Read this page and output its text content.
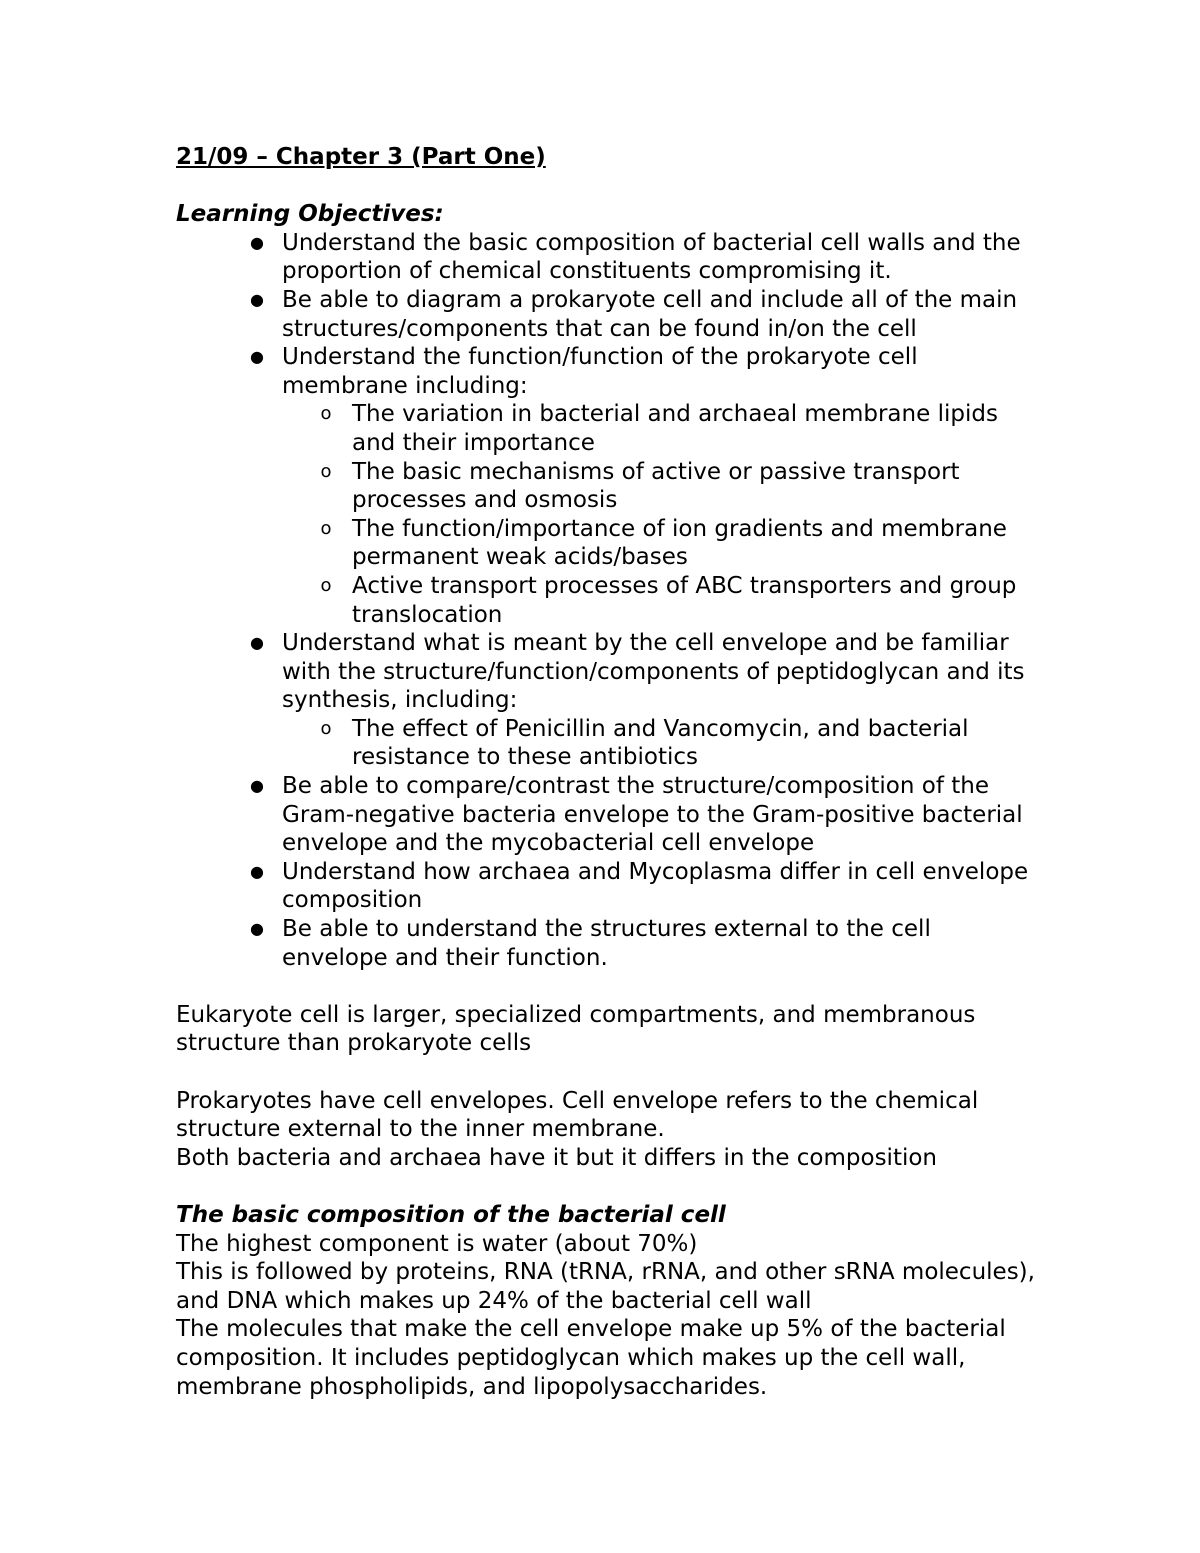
21/09 – Chapter 3 (Part One)

Learning Objectives:

● Understand the basic composition of bacterial cell walls and the proportion of chemical constituents compromising it.
● Be able to diagram a prokaryote cell and include all of the main structures/components that can be found in/on the cell
● Understand the function/function of the prokaryote cell membrane including:
o The variation in bacterial and archaeal membrane lipids and their importance
o The basic mechanisms of active or passive transport processes and osmosis
o The function/importance of ion gradients and membrane permanent weak acids/bases
o Active transport processes of ABC transporters and group translocation
● Understand what is meant by the cell envelope and be familiar with the structure/function/components of peptidoglycan and its synthesis, including:
o The effect of Penicillin and Vancomycin, and bacterial resistance to these antibiotics
● Be able to compare/contrast the structure/composition of the Gram-negative bacteria envelope to the Gram-positive bacterial envelope and the mycobacterial cell envelope
● Understand how archaea and Mycoplasma differ in cell envelope composition
● Be able to understand the structures external to the cell envelope and their function.

Eukaryote cell is larger, specialized compartments, and membranous structure than prokaryote cells

Prokaryotes have cell envelopes. Cell envelope refers to the chemical structure external to the inner membrane.

Both bacteria and archaea have it but it differs in the composition

The basic composition of the bacterial cell

The highest component is water (about 70%)

This is followed by proteins, RNA (tRNA, rRNA, and other sRNA molecules), and DNA which makes up 24% of the bacterial cell wall

The molecules that make the cell envelope make up 5% of the bacterial composition. It includes peptidoglycan which makes up the cell wall, membrane phospholipids, and lipopolysaccharides.
